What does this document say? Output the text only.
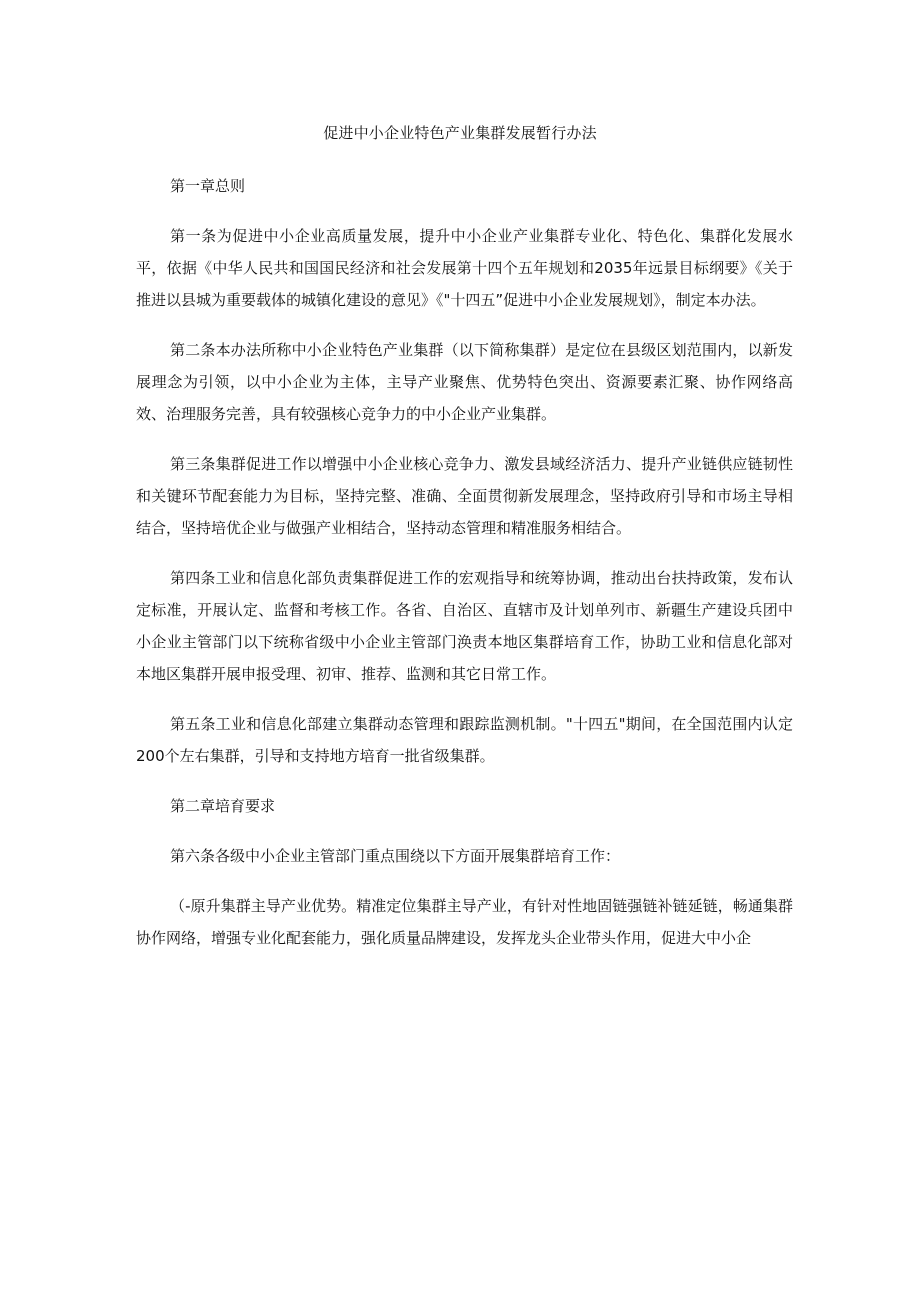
促进中小企业特色产业集群发展暂行办法

第一章总则

第一条为促进中小企业高质量发展，提升中小企业产业集群专业化、特色化、集群化发展水平，依据《中华人民共和国国民经济和社会发展第十四个五年规划和2035年远景目标纲要》《关于推进以县城为重要载体的城镇化建设的意见》《"十四五”促进中小企业发展规划》，制定本办法。

第二条本办法所称中小企业特色产业集群（以下简称集群）是定位在县级区划范围内，以新发展理念为引领，以中小企业为主体，主导产业聚焦、优势特色突出、资源要素汇聚、协作网络高效、治理服务完善，具有较强核心竞争力的中小企业产业集群。

第三条集群促进工作以增强中小企业核心竞争力、激发县域经济活力、提升产业链供应链韧性和关键环节配套能力为目标，坚持完整、准确、全面贯彻新发展理念，坚持政府引导和市场主导相结合，坚持培优企业与做强产业相结合，坚持动态管理和精准服务相结合。

第四条工业和信息化部负责集群促进工作的宏观指导和统筹协调，推动出台扶持政策，发布认定标准，开展认定、监督和考核工作。各省、自治区、直辖市及计划单列市、新疆生产建设兵团中小企业主管部门以下统称省级中小企业主管部门涣责本地区集群培育工作，协助工业和信息化部对本地区集群开展申报受理、初审、推荐、监测和其它日常工作。

第五条工业和信息化部建立集群动态管理和跟踪监测机制。"十四五"期间，在全国范围内认定200个左右集群，引导和支持地方培育一批省级集群。

第二章培育要求

第六条各级中小企业主管部门重点围绕以下方面开展集群培育工作：

（-原升集群主导产业优势。精准定位集群主导产业，有针对性地固链强链补链延链，畅通集群协作网络，增强专业化配套能力，强化质量品牌建设，发挥龙头企业带头作用，促进大中小企
